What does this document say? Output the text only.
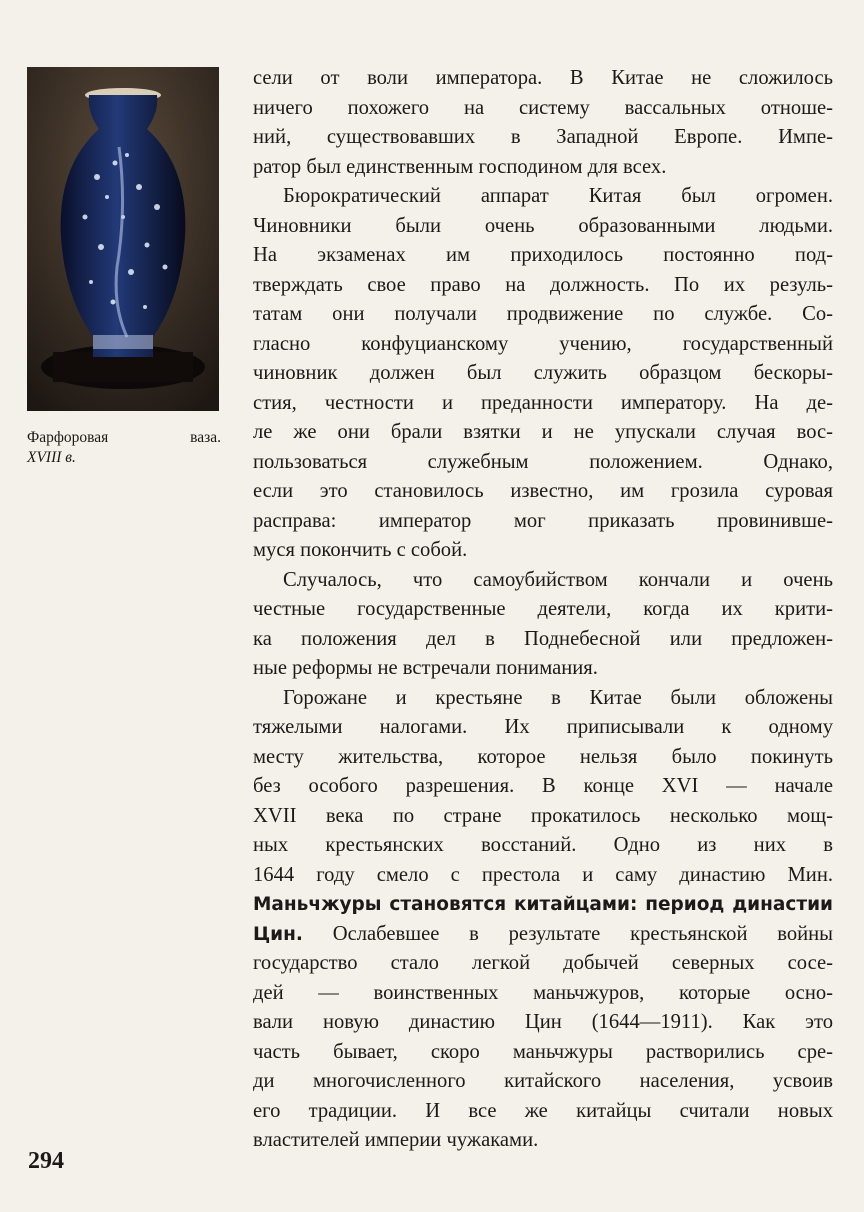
Фарфоровая	ваза.
XVIII в.
сели от воли императора. В Китае не сложилось
ничего похожего на систему вассальных отноше-
ний, существовавших в Западной Европе. Импе-
ратор был единственным господином для всех.
Бюрократический аппарат Китая был огромен.
Чиновники были очень образованными людьми.
На экзаменах им приходилось постоянно под-
тверждать свое право на должность. По их резуль-
татам они получали продвижение по службе. Со-
гласно конфуцианскому учению, государственный
чиновник должен был служить образцом бескоры-
стия, честности и преданности императору. На де-
ле же они брали взятки и не упускали случая вос-
пользоваться служебным положением. Однако,
если это становилось известно, им грозила суровая
расправа: император мог приказать провинивше-
муся покончить с собой.
Случалось, что самоубийством кончали и очень
честные государственные деятели, когда их крити-
ка положения дел в Поднебесной или предложен-
ные реформы не встречали понимания.
Горожане и крестьяне в Китае были обложены
тяжелыми налогами. Их приписывали к одному
месту жительства, которое нельзя было покинуть
без особого разрешения. В конце XVI — начале
XVII века по стране прокатилось несколько мощ-
ных крестьянских восстаний. Одно из них в
1644 году смело с престола и саму династию Мин.
Маньчжуры становятся китайцами: период династии
Цин. Ослабевшее в результате крестьянской войны
государство стало легкой добычей северных сосе-
дей — воинственных маньчжуров, которые осно-
вали новую династию Цин (1644—1911). Как это
часть бывает, скоро маньчжуры растворились сре-
ди многочисленного китайского населения, усвоив
его традиции. И все же китайцы считали новых
властителей империи чужаками.
294
